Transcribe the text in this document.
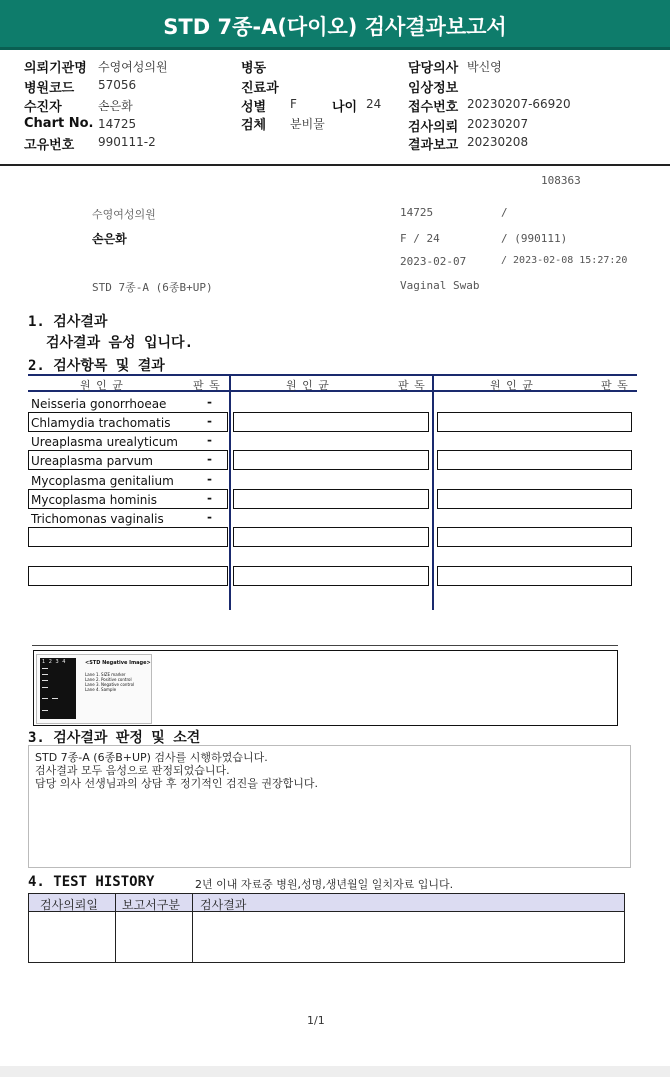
STD 7종-A(다이오) 검사결과보고서
의뢰기관명 수영여성의원
병원코드 57056
수진자	손은화
Chart No. 14725
고유번호 990111-2
병동
진료과
성별 F	나이 24
검체 분비물
담당의사 박신영
임상정보
접수번호 20230207-66920
검사의뢰 20230207
결과보고 20230208
108363
수영여성의원	14725	/
손은화	F / 24	/ (990111)
2023-02-07	/ 2023-02-08 15:27:20
STD 7종-A (6종B+UP)	Vaginal Swab
1. 검사결과
검사결과 음성 입니다.
2. 검사항목 및 결과
원 인 균	판 독	원 인 균	판 독	원 인 균	판 독
Neisseria gonorrhoeae	-
Chlamydia trachomatis	-
Ureaplasma urealyticum -
Ureaplasma parvum	-
Mycoplasma genitalium	-
Mycoplasma hominis	-
Trichomonas vaginalis	-
1 2 3 4	<STD Negative Image>
Lane 1. SIZE marker
Lane 2. Positive control
Lane 3. Negative control
Lane 4. Sample
3. 검사결과 판정 및 소견
STD 7종-A (6종B+UP) 검사를 시행하였습니다.
검사결과 모두 음성으로 판정되었습니다.
담당 의사 선생님과의 상담 후 정기적인 검진을 권장합니다.
4. TEST HISTORY	2년 이내 자료중 병원,성명,생년월일 일치자료 입니다.
검사의뢰일 보고서구분 검사결과
1/1
